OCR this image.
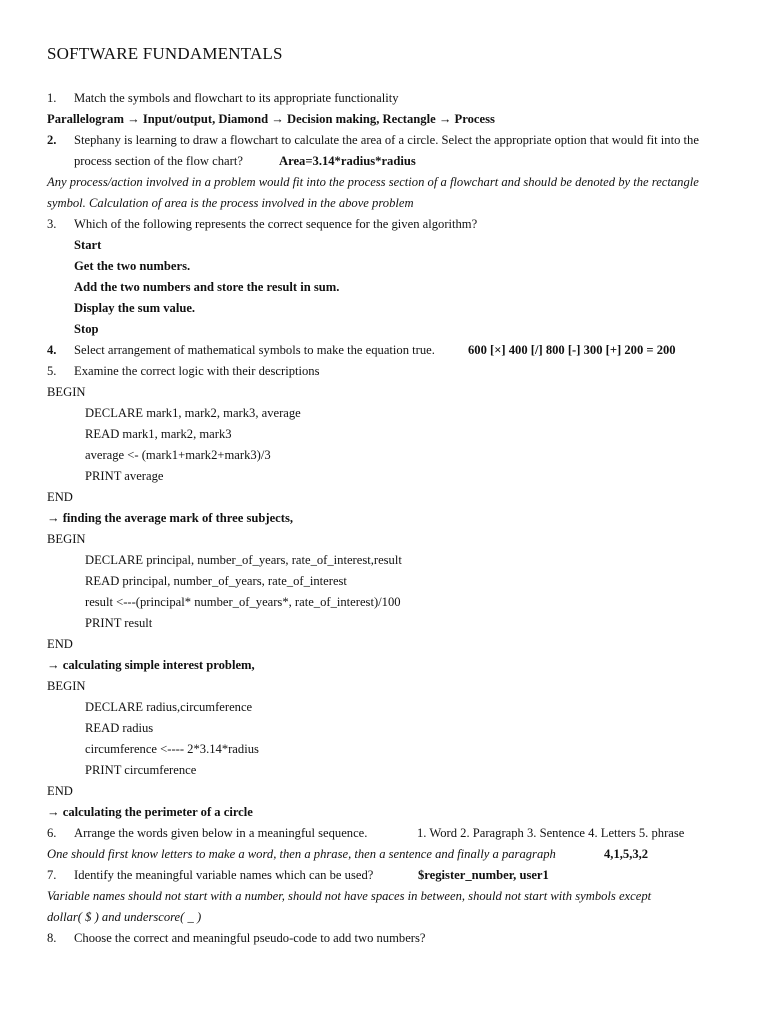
SOFTWARE FUNDAMENTALS
1. Match the symbols and flowchart to its appropriate functionality
Parallelogram → Input/output, Diamond → Decision making, Rectangle → Process
2. Stephany is learning to draw a flowchart to calculate the area of a circle. Select the appropriate option that would fit into the
process section of the flow chart?	Area=3.14*radius*radius
Any process/action involved in a problem would fit into the process section of a flowchart and should be denoted by the rectangle
symbol. Calculation of area is the process involved in the above problem
3. Which of the following represents the correct sequence for the given algorithm?
Start
Get the two numbers.
Add the two numbers and store the result in sum.
Display the sum value.
Stop
4. Select arrangement of mathematical symbols to make the equation true.	600 [×] 400 [/] 800 [-] 300 [+] 200 = 200
5. Examine the correct logic with their descriptions
BEGIN
DECLARE mark1, mark2, mark3, average
READ mark1, mark2, mark3
average <- (mark1+mark2+mark3)/3
PRINT average
END
→ finding the average mark of three subjects,
BEGIN
DECLARE principal, number_of_years, rate_of_interest,result
READ principal, number_of_years, rate_of_interest
result <---(principal* number_of_years*, rate_of_interest)/100
PRINT result
END
→ calculating simple interest problem,
BEGIN
DECLARE radius,circumference
READ radius
circumference <---- 2*3.14*radius
PRINT circumference
END
→ calculating the perimeter of a circle
6. Arrange the words given below in a meaningful sequence.	1. Word 2. Paragraph 3. Sentence 4. Letters 5. phrase
One should first know letters to make a word, then a phrase, then a sentence and finally a paragraph	4,1,5,3,2
7. Identify the meaningful variable names which can be used?	$register_number, user1
Variable names should not start with a number, should not have spaces in between, should not start with symbols except
dollar( $ ) and underscore( _ )
8. Choose the correct and meaningful pseudo-code to add two numbers?
